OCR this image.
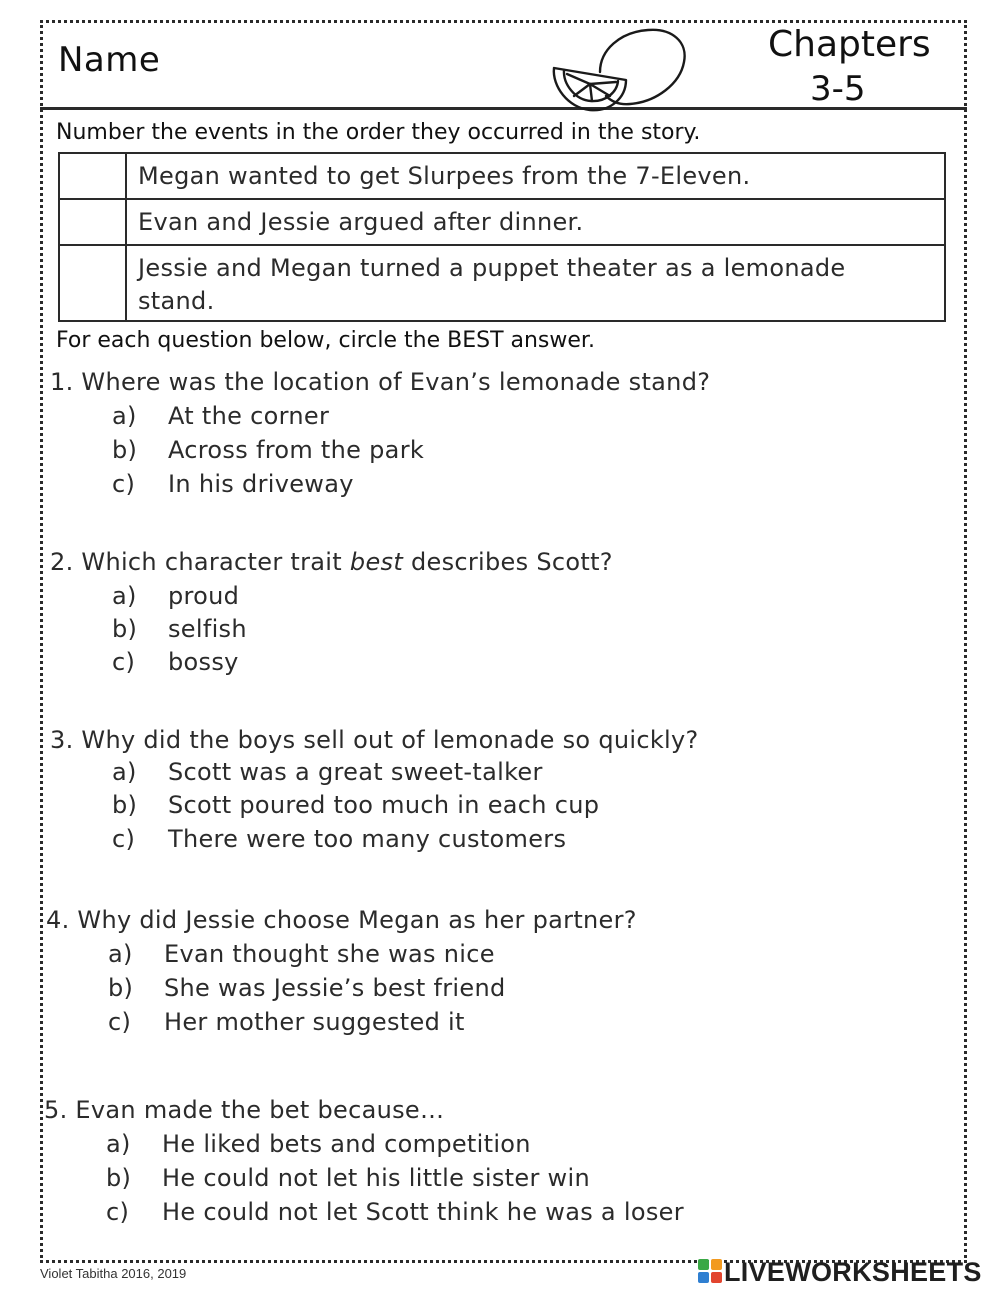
Name	Chapters
3-5
Number the events in the order they occurred in the story.
Megan wanted to get Slurpees from the 7-Eleven.
Evan and Jessie argued after dinner.
Jessie and Megan turned a puppet theater as a lemonade stand.
For each question below, circle the BEST answer.
1. Where was the location of Evan’s lemonade stand?
a) At the corner
b) Across from the park
c) In his driveway
2. Which character trait best describes Scott?
a) proud
b) selfish
c) bossy
3. Why did the boys sell out of lemonade so quickly?
a) Scott was a great sweet-talker
b) Scott poured too much in each cup
c) There were too many customers
4. Why did Jessie choose Megan as her partner?
a) Evan thought she was nice
b) She was Jessie’s best friend
c) Her mother suggested it
5. Evan made the bet because…
a) He liked bets and competition
b) He could not let his little sister win
c) He could not let Scott think he was a loser
Violet Tabitha 2016, 2019	LIVEWORKSHEETS
